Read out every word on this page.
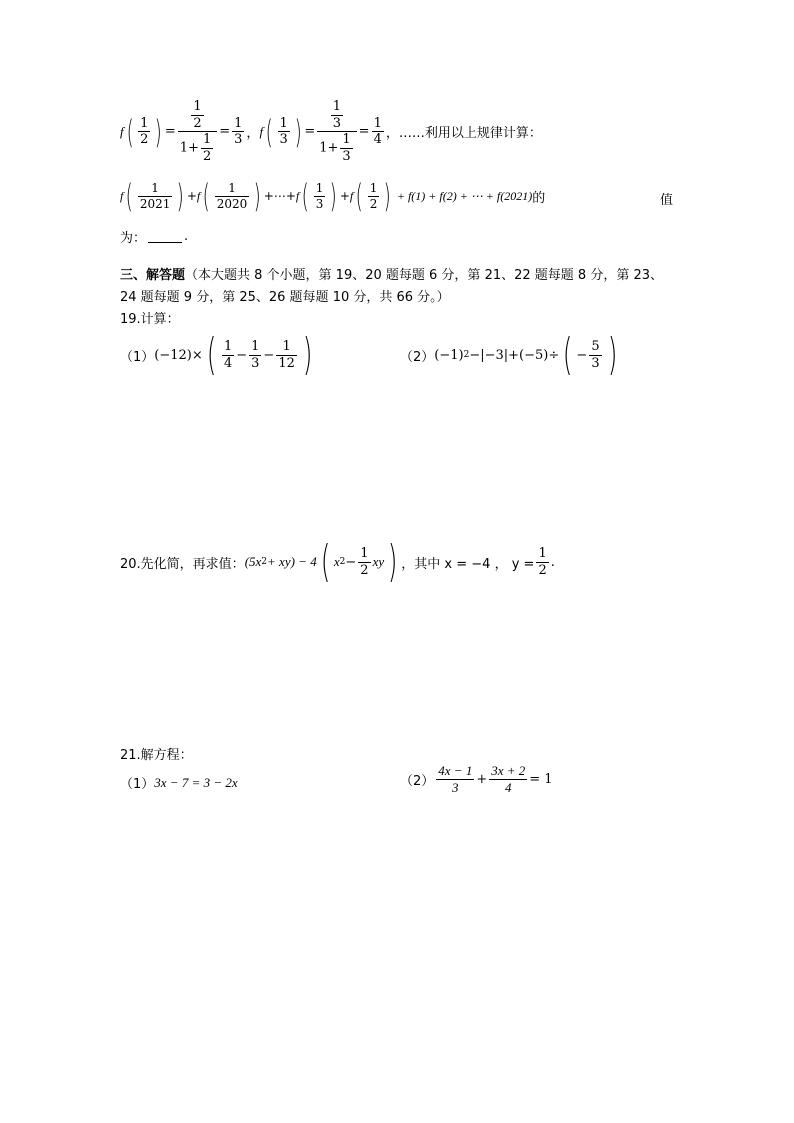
f ( $\frac{1}{2}$ ) = $\frac{\frac{1}{2}}{1+ \frac{1}{2}} = \frac{1}{3}$ ， f ( $\frac{1}{3}$ ) = $\frac{\frac{1}{3}}{1+ \frac{1}{3}} = \frac{1}{4}$ ，……利用以上规律计算：
f ( $\frac{1}{2021}$ ) + f ( $\frac{1}{2020}$ ) +⋯+ f ( $\frac{1}{3}$ ) + f ( $\frac{1}{2}$ ) + f(1) + f(2) + ⋯ + f(2021) 的	值
为：	.
三、解答题（本大题共 8 个小题，第 19、20 题每题 6 分，第 21、22 题每题 8 分，第 23、
24 题每题 9 分，第 25、26 题每题 10 分，共 66 分。）
19.计算：
（1） (−12)× ( $\frac{1}{4} - \frac{1}{3} - \frac{1}{12}$ )	（2） (−1) 2 −|−3|+(−5)÷ ( − $\frac{5}{3}$ )
20.先化简，再求值： (5x 2 + xy) − 4 ( x $2 - \frac{1}{2}$ xy ) ，其中 x = −4 ， $y = \frac{1}{2}$ .
21.解方程：
（1） 3x − 7 = 3 − 2x	$(2) \frac{4x - 1}{3} + \frac{3x + 2}{4} = 1$
